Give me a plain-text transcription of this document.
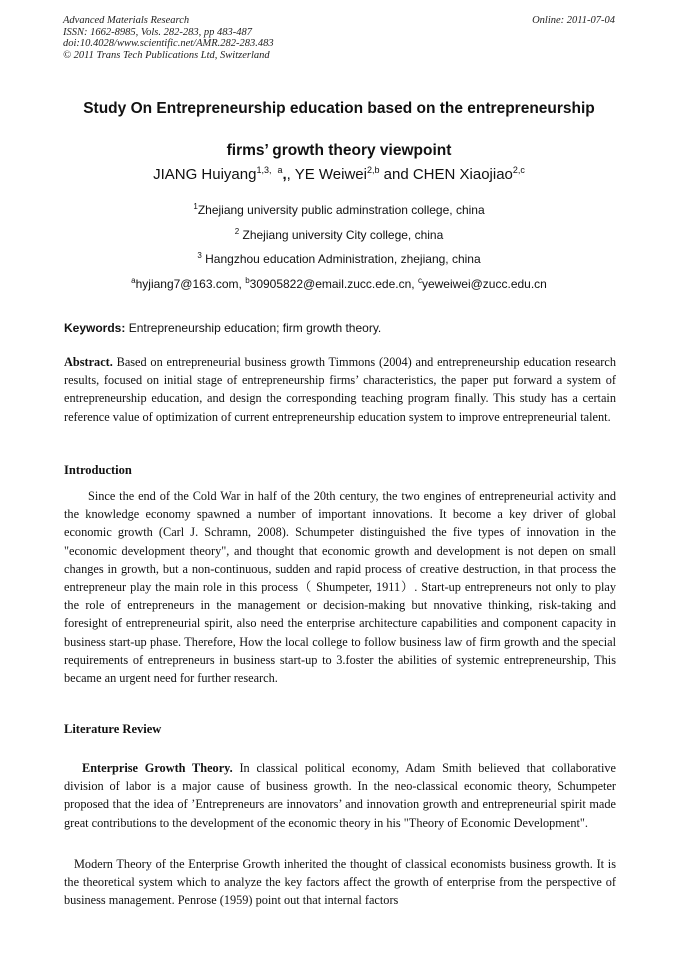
Advanced Materials Research
ISSN: 1662-8985, Vols. 282-283, pp 483-487
doi:10.4028/www.scientific.net/AMR.282-283.483
© 2011 Trans Tech Publications Ltd, Switzerland
Online: 2011-07-04
Study On Entrepreneurship education based on the entrepreneurship
firms’ growth theory viewpoint
JIANG Huiyang$^{1,3,}$ $^a$,, YE Weiwei$^{2,b}$ and CHEN Xiaojiao$^{2,c}$
$^1$Zhejiang university public adminstration college, china
$^2$ Zhejiang university City college, china
$^3$ Hangzhou education Administration, zhejiang, china
$^a$hyjiang7@163.com, $^b$30905822@email.zucc.ede.cn, $^c$yeweiwei@zucc.edu.cn
Keywords: Entrepreneurship education; firm growth theory.
Abstract. Based on entrepreneurial business growth Timmons (2004) and entrepreneurship education research results, focused on initial stage of entrepreneurship firms’ characteristics, the paper put forward a system of entrepreneurship education, and design the corresponding teaching program finally. This study has a certain reference value of optimization of current entrepreneurship education system to improve entrepreneurial talent.
Introduction
Since the end of the Cold War in half of the 20th century, the two engines of entrepreneurial activity and the knowledge economy spawned a number of important innovations. It become a key driver of global economic growth (Carl J. Schramn, 2008). Schumpeter distinguished the five types of innovation in the "economic development theory", and thought that economic growth and development is not depen on small changes in growth, but a non-continuous, sudden and rapid process of creative destruction, in that process the entrepreneur play the main role in this process（ Shumpeter, 1911）. Start-up entrepreneurs not only to play the role of entrepreneurs in the management or decision-making but nnovative thinking, risk-taking and foresight of entrepreneurial spirit, also need the enterprise architecture capabilities and component capacity in business start-up phase. Therefore, How the local college to follow business law of firm growth and the special requirements of entrepreneurs in business start-up to 3.foster the abilities of systemic entrepreneurship, This became an urgent need for further research.
Literature Review
Enterprise Growth Theory. In classical political economy, Adam Smith believed that collaborative division of labor is a major cause of business growth. In the neo-classical economic theory, Schumpeter proposed that the idea of ’Entrepreneurs are innovators’ and innovation growth and entrepreneurial spirit made great contributions to the development of the economic theory in his "Theory of Economic Development".
Modern Theory of the Enterprise Growth inherited the thought of classical economists business growth. It is the theoretical system which to analyze the key factors affect the growth of enterprise from the perspective of business management. Penrose (1959) point out that internal factors
